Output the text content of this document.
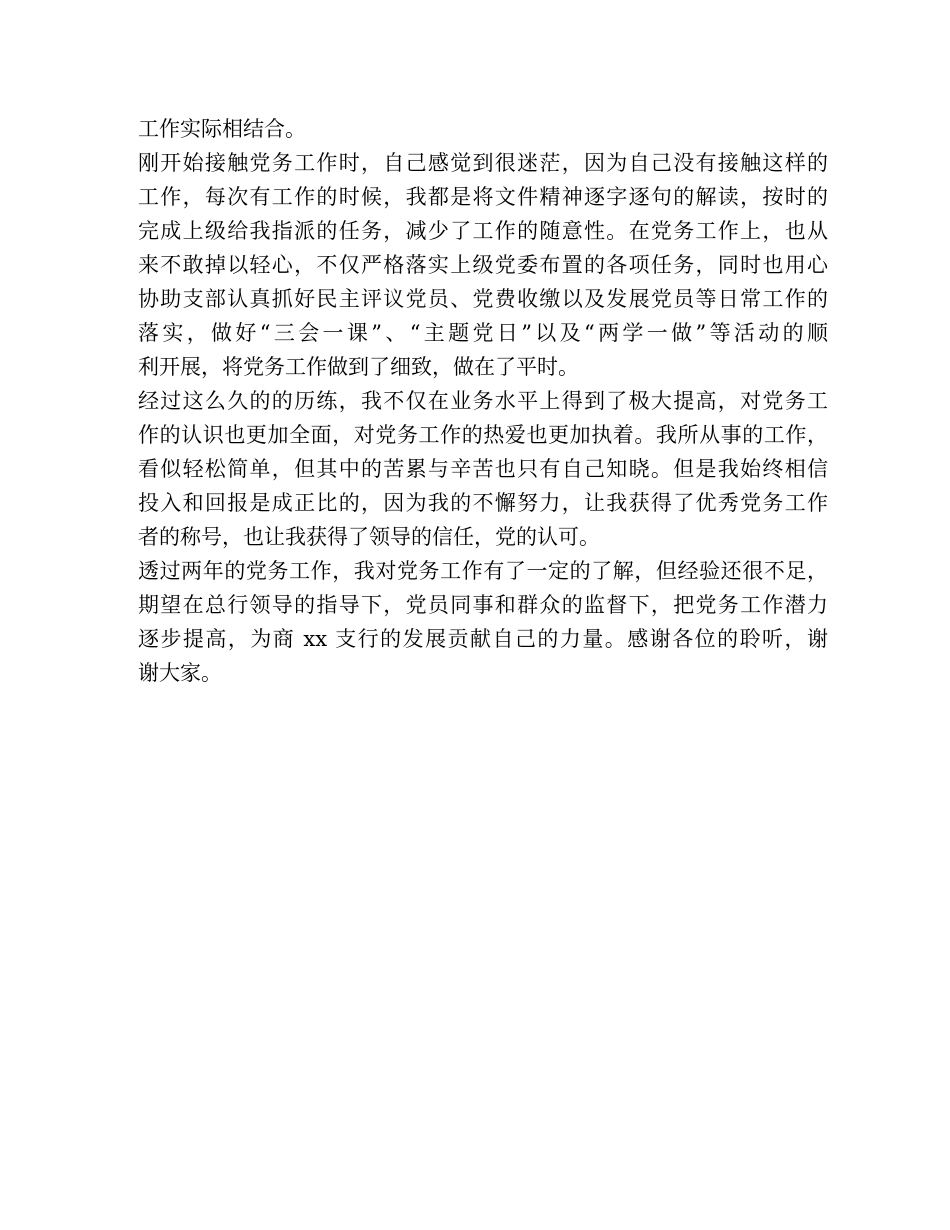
工作实际相结合。
刚开始接触党务工作时，自己感觉到很迷茫，因为自己没有接触这样的
工作，每次有工作的时候，我都是将文件精神逐字逐句的解读，按时的
完成上级给我指派的任务，减少了工作的随意性。在党务工作上，也从
来不敢掉以轻心，不仅严格落实上级党委布置的各项任务，同时也用心
协助支部认真抓好民主评议党员、党费收缴以及发展党员等日常工作的
落实，做好“三会一课”、“主题党日”以及“两学一做”等活动的顺
利开展，将党务工作做到了细致，做在了平时。
经过这么久的的历练，我不仅在业务水平上得到了极大提高，对党务工
作的认识也更加全面，对党务工作的热爱也更加执着。我所从事的工作，
看似轻松简单，但其中的苦累与辛苦也只有自己知晓。但是我始终相信
投入和回报是成正比的，因为我的不懈努力，让我获得了优秀党务工作
者的称号，也让我获得了领导的信任，党的认可。
透过两年的党务工作，我对党务工作有了一定的了解，但经验还很不足，
期望在总行领导的指导下，党员同事和群众的监督下，把党务工作潜力
逐步提高，为商 xx 支行的发展贡献自己的力量。感谢各位的聆听，谢
谢大家。
